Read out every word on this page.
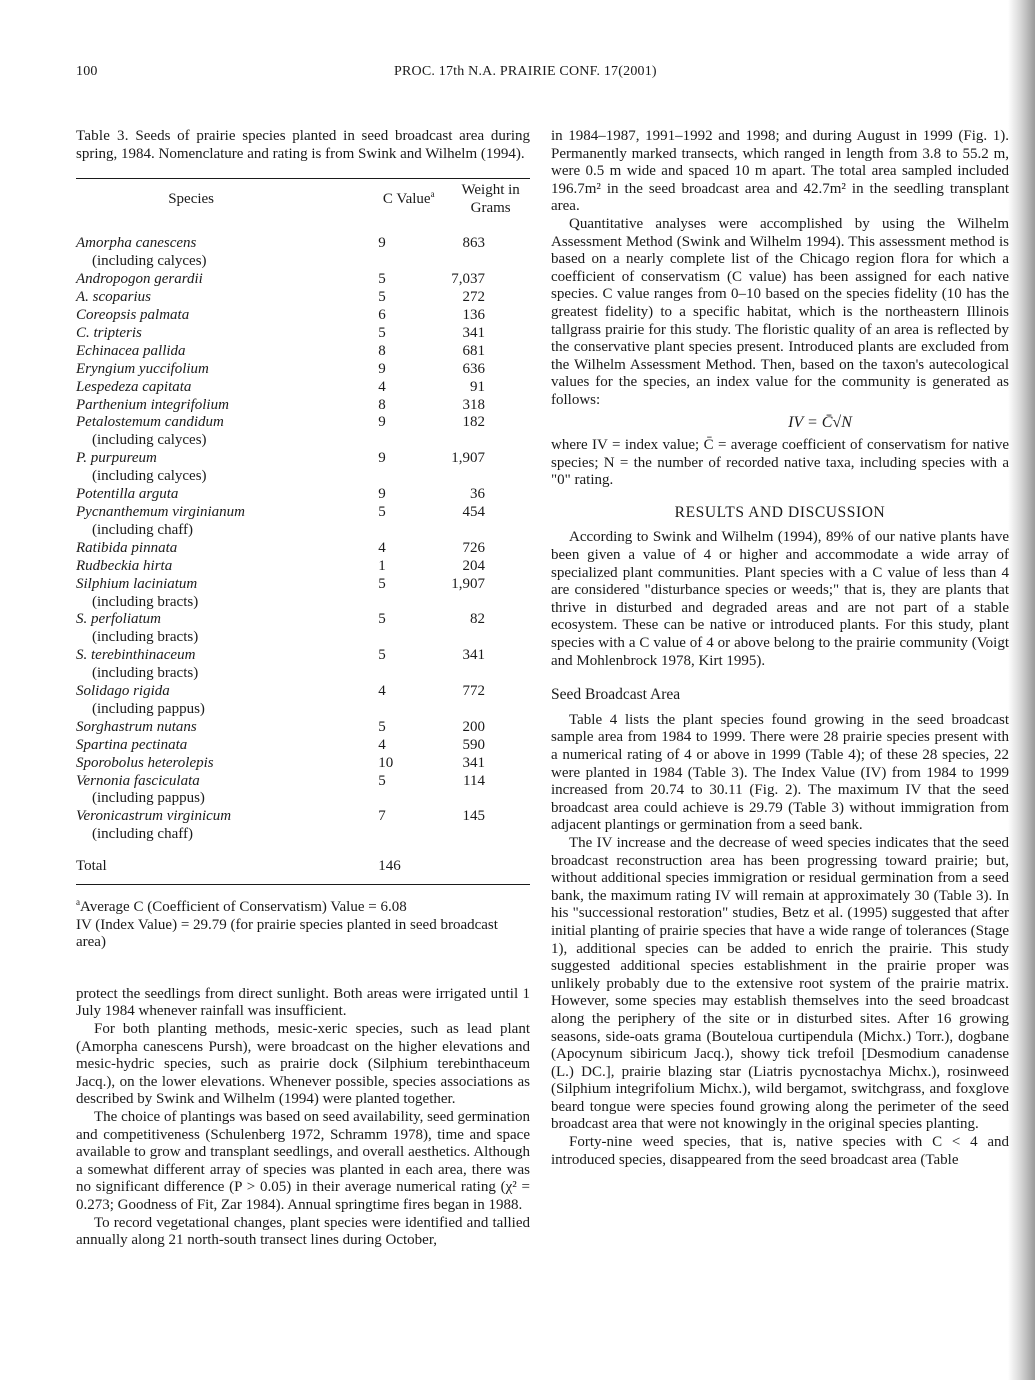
100	PROC. 17th N.A. PRAIRIE CONF. 17(2001)

Table 3. Seeds of prairie species planted in seed broadcast area during spring, 1984. Nomenclature and rating is from Swink and Wilhelm (1994).

Species	C Value$^a$	Weight in Grams

Amorpha canescens
(including calyces)	9	863

Andropogon gerardii	5	7,037

A. scoparius	5	272

Coreopsis palmata	6	136

C. tripteris	5	341

Echinacea pallida	8	681

Eryngium yuccifolium	9	636

Lespedeza capitata	4	91

Parthenium integrifolium	8	318

Petalostemum candidum
(including calyces)	9	182

P. purpureum
(including calyces)	9	1,907

Potentilla arguta	9	36

Pycnanthemum virginianum
(including chaff)	5	454

Ratibida pinnata	4	726

Rudbeckia hirta	1	204

Silphium laciniatum
(including bracts)	5	1,907

S. perfoliatum
(including bracts)	5	82

S. terebinthinaceum
(including bracts)	5	341

Solidago rigida
(including pappus)	4	772

Sorghastrum nutans	5	200

Spartina pectinata	4	590

Sporobolus heterolepis	10	341

Vernonia fasciculata
(including pappus)	5	114

Veronicastrum virginicum
(including chaff)	7	145
Total	146	

$^a$Average C (Coefficient of Conservatism) Value = 6.08

IV (Index Value) = 29.79 (for prairie species planted in seed broadcast area)

protect the seedlings from direct sunlight. Both areas were irrigated until 1 July 1984 whenever rainfall was insufficient.

For both planting methods, mesic-xeric species, such as lead plant (Amorpha canescens Pursh), were broadcast on the higher elevations and mesic-hydric species, such as prairie dock (Silphium terebinthaceum Jacq.), on the lower elevations. Whenever possible, species associations as described by Swink and Wilhelm (1994) were planted together.

The choice of plantings was based on seed availability, seed germination and competitiveness (Schulenberg 1972, Schramm 1978), time and space available to grow and transplant seedlings, and overall aesthetics. Although a somewhat different array of species was planted in each area, there was no significant difference (P > 0.05) in their average numerical rating (χ² = 0.273; Goodness of Fit, Zar 1984). Annual springtime fires began in 1988.

To record vegetational changes, plant species were identified and tallied annually along 21 north-south transect lines during October,

in 1984–1987, 1991–1992 and 1998; and during August in 1999 (Fig. 1). Permanently marked transects, which ranged in length from 3.8 to 55.2 m, were 0.5 m wide and spaced 10 m apart. The total area sampled included 196.7m² in the seed broadcast area and 42.7m² in the seedling transplant area.

Quantitative analyses were accomplished by using the Wilhelm Assessment Method (Swink and Wilhelm 1994). This assessment method is based on a nearly complete list of the Chicago region flora for which a coefficient of conservatism (C value) has been assigned for each native species. C value ranges from 0–10 based on the species fidelity (10 has the greatest fidelity) to a specific habitat, which is the northeastern Illinois tallgrass prairie for this study. The floristic quality of an area is reflected by the conservative plant species present. Introduced plants are excluded from the Wilhelm Assessment Method. Then, based on the taxon's autecological values for the species, an index value for the community is generated as follows:

IV = C̄√N

where IV = index value; C̄ = average coefficient of conservatism for native species; N = the number of recorded native taxa, including species with a "0" rating.

RESULTS AND DISCUSSION

According to Swink and Wilhelm (1994), 89% of our native plants have been given a value of 4 or higher and accommodate a wide array of specialized plant communities. Plant species with a C value of less than 4 are considered "disturbance species or weeds;" that is, they are plants that thrive in disturbed and degraded areas and are not part of a stable ecosystem. These can be native or introduced plants. For this study, plant species with a C value of 4 or above belong to the prairie community (Voigt and Mohlenbrock 1978, Kirt 1995).

Seed Broadcast Area

Table 4 lists the plant species found growing in the seed broadcast sample area from 1984 to 1999. There were 28 prairie species present with a numerical rating of 4 or above in 1999 (Table 4); of these 28 species, 22 were planted in 1984 (Table 3). The Index Value (IV) from 1984 to 1999 increased from 20.74 to 30.11 (Fig. 2). The maximum IV that the seed broadcast area could achieve is 29.79 (Table 3) without immigration from adjacent plantings or germination from a seed bank.

The IV increase and the decrease of weed species indicates that the seed broadcast reconstruction area has been progressing toward prairie; but, without additional species immigration or residual germination from a seed bank, the maximum rating IV will remain at approximately 30 (Table 3). In his "successional restoration" studies, Betz et al. (1995) suggested that after initial planting of prairie species that have a wide range of tolerances (Stage 1), additional species can be added to enrich the prairie. This study suggested additional species establishment in the prairie proper was unlikely probably due to the extensive root system of the prairie matrix. However, some species may establish themselves into the seed broadcast along the periphery of the site or in disturbed sites. After 16 growing seasons, side-oats grama (Bouteloua curtipendula (Michx.) Torr.), dogbane (Apocynum sibiricum Jacq.), showy tick trefoil [Desmodium canadense (L.) DC.], prairie blazing star (Liatris pycnostachya Michx.), rosinweed (Silphium integrifolium Michx.), wild bergamot, switchgrass, and foxglove beard tongue were species found growing along the perimeter of the seed broadcast area that were not knowingly in the original species planting.

Forty-nine weed species, that is, native species with C < 4 and introduced species, disappeared from the seed broadcast area (Table
